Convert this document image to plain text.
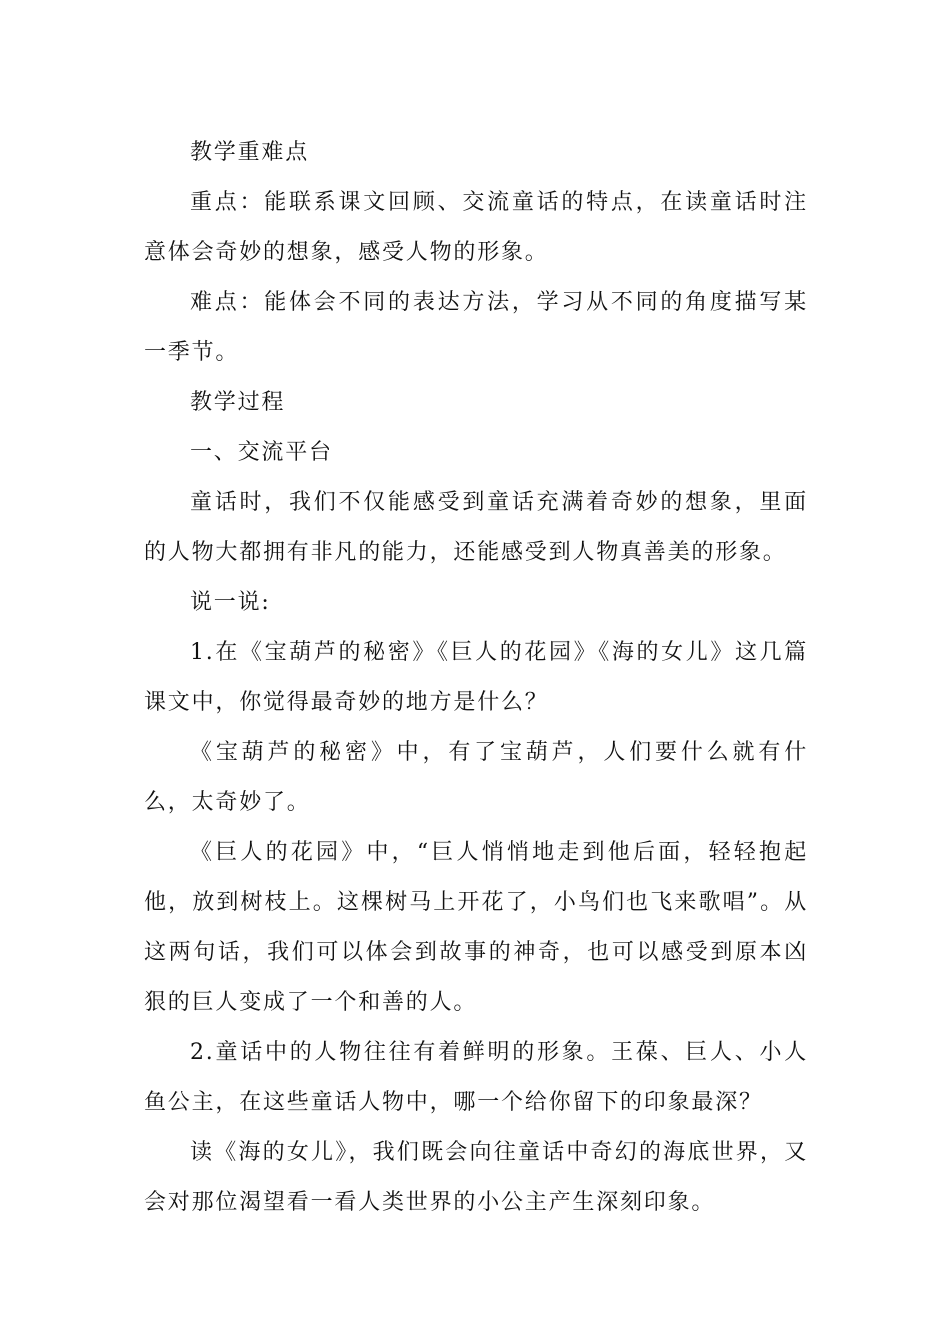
教学重难点

重点：能联系课文回顾、交流童话的特点，在读童话时注意体会奇妙的想象，感受人物的形象。

难点：能体会不同的表达方法，学习从不同的角度描写某一季节。

教学过程

一、交流平台

童话时，我们不仅能感受到童话充满着奇妙的想象，里面的人物大都拥有非凡的能力，还能感受到人物真善美的形象。

说一说:

1.在《宝葫芦的秘密》《巨人的花园》《海的女儿》这几篇课文中，你觉得最奇妙的地方是什么？

《宝葫芦的秘密》中，有了宝葫芦，人们要什么就有什么，太奇妙了。

《巨人的花园》中，“巨人悄悄地走到他后面，轻轻抱起他，放到树枝上。这棵树马上开花了，小鸟们也飞来歌唱”。从这两句话，我们可以体会到故事的神奇，也可以感受到原本凶狠的巨人变成了一个和善的人。

2.童话中的人物往往有着鲜明的形象。王葆、巨人、小人鱼公主，在这些童话人物中，哪一个给你留下的印象最深？

读《海的女儿》，我们既会向往童话中奇幻的海底世界，又会对那位渴望看一看人类世界的小公主产生深刻印象。
